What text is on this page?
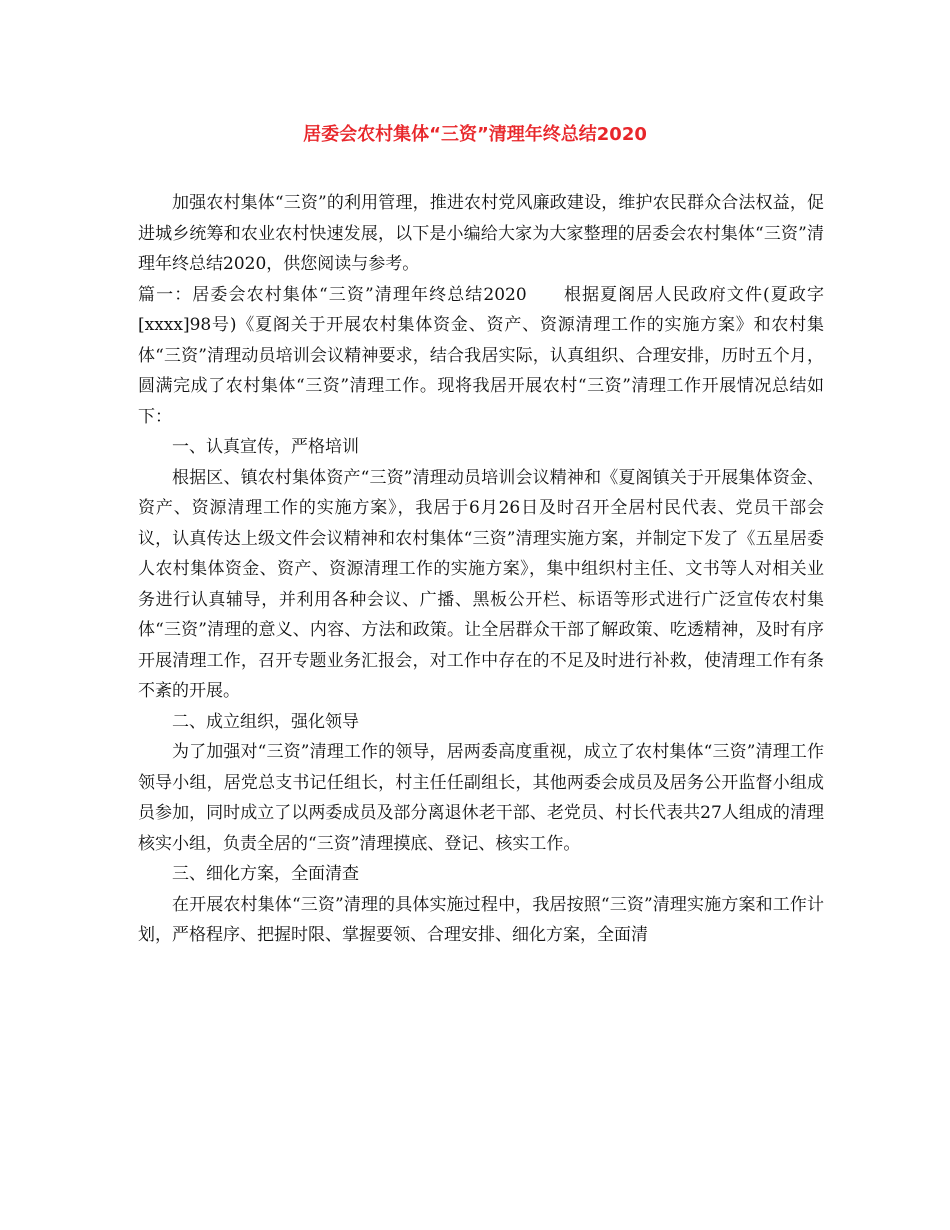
居委会农村集体“三资”清理年终总结2020

加强农村集体“三资”的利用管理，推进农村党风廉政建设，维护农民群众合法权益，促进城乡统筹和农业农村快速发展，以下是小编给大家为大家整理的居委会农村集体“三资”清理年终总结2020，供您阅读与参考。

篇一：居委会农村集体“三资”清理年终总结2020　　根据夏阁居人民政府文件(夏政字[xxxx]98号)《夏阁关于开展农村集体资金、资产、资源清理工作的实施方案》和农村集体“三资”清理动员培训会议精神要求，结合我居实际，认真组织、合理安排，历时五个月，圆满完成了农村集体“三资”清理工作。现将我居开展农村“三资”清理工作开展情况总结如下：

一、认真宣传，严格培训

根据区、镇农村集体资产“三资”清理动员培训会议精神和《夏阁镇关于开展集体资金、资产、资源清理工作的实施方案》，我居于6月26日及时召开全居村民代表、党员干部会议，认真传达上级文件会议精神和农村集体“三资”清理实施方案，并制定下发了《五星居委人农村集体资金、资产、资源清理工作的实施方案》，集中组织村主任、文书等人对相关业务进行认真辅导，并利用各种会议、广播、黑板公开栏、标语等形式进行广泛宣传农村集体“三资”清理的意义、内容、方法和政策。让全居群众干部了解政策、吃透精神，及时有序开展清理工作，召开专题业务汇报会，对工作中存在的不足及时进行补救，使清理工作有条不紊的开展。

二、成立组织，强化领导

为了加强对“三资”清理工作的领导，居两委高度重视，成立了农村集体“三资”清理工作领导小组，居党总支书记任组长，村主任任副组长，其他两委会成员及居务公开监督小组成员参加，同时成立了以两委成员及部分离退休老干部、老党员、村长代表共27人组成的清理核实小组，负责全居的“三资”清理摸底、登记、核实工作。

三、细化方案，全面清查

在开展农村集体“三资”清理的具体实施过程中，我居按照“三资”清理实施方案和工作计划，严格程序、把握时限、掌握要领、合理安排、细化方案，全面清
